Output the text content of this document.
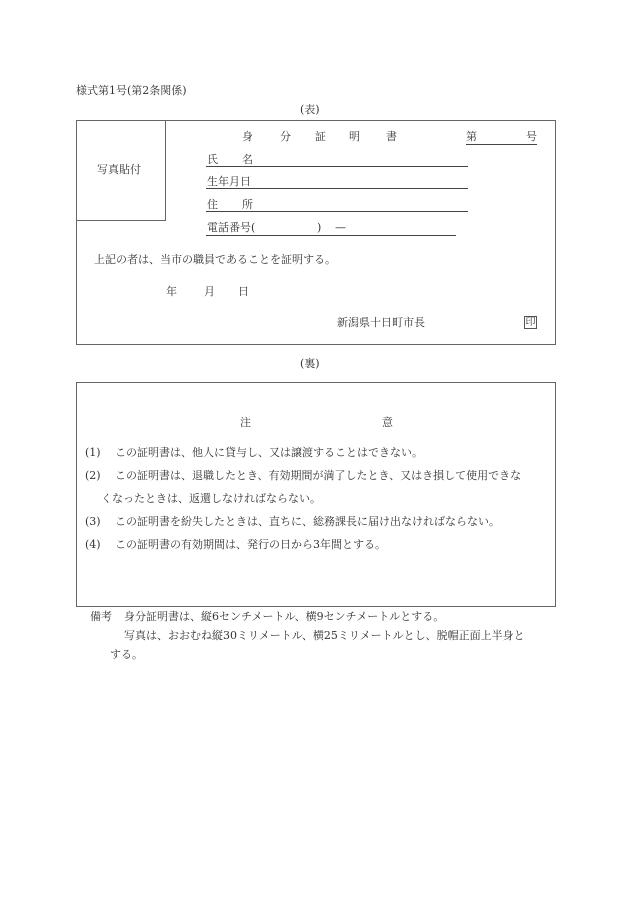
様式第1号(第2条関係)
(表)
写真貼付
身 分 証 明 書	第	号
氏 名
生年月日
住 所
電話番号(	) —
上記の者は、当市の職員であることを証明する。
年 月 日
新潟県十日町市長	印
(裏)
注	意
(1) この証明書は、他人に貸与し、又は譲渡することはできない。
(2) この証明書は、退職したとき、有効期間が満了したとき、又はき損して使用できな
くなったときは、返還しなければならない。
(3) この証明書を紛失したときは、直ちに、総務課長に届け出なければならない。
(4) この証明書の有効期間は、発行の日から3年間とする。
備考 身分証明書は、縦6センチメートル、横9センチメートルとする。
写真は、おおむね縦30ミリメートル、横25ミリメートルとし、脱帽正面上半身と
する。
